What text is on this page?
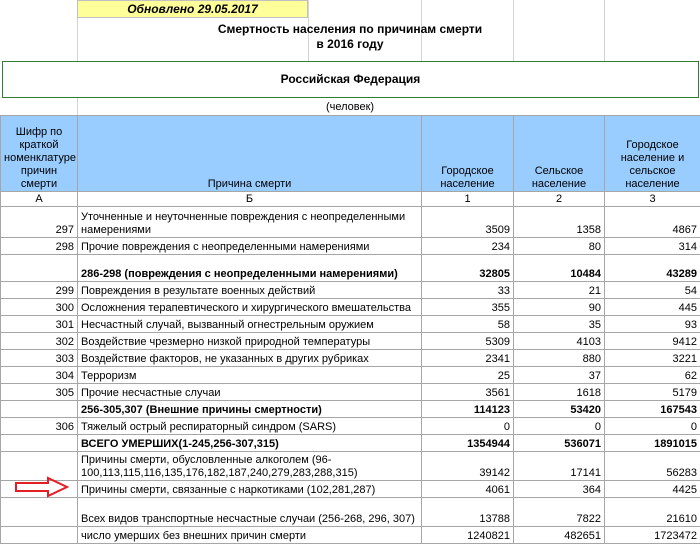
Обновлено 29.05.2017
Смертность населения по причинам смерти
в 2016 году
Российская Федерация
(человек)
Шифр по краткой номенклатуре причин смерти	Причина смерти	Городское население	Сельское население	Городское население и сельское население
А	Б	1	2	3
297	Уточненные и неуточненные повреждения с неопределенными намерениями	3509	1358	4867
298	Прочие повреждения с неопределенными намерениями	234	80	314
	286-298 (повреждения с неопределенными намерениями)	32805	10484	43289
299	Повреждения в результате военных действий	33	21	54
300	Осложнения терапевтического и хирургического вмешательства	355	90	445
301	Несчастный случай, вызванный огнестрельным оружием	58	35	93
302	Воздействие чрезмерно низкой природной температуры	5309	4103	9412
303	Воздействие факторов, не указанных в других рубриках	2341	880	3221
304	Терроризм	25	37	62
305	Прочие несчастные случаи	3561	1618	5179
	256-305,307 (Внешние причины смертности)	114123	53420	167543
306	Тяжелый острый респираторный синдром (SARS)	0	0	0
	ВСЕГО УМЕРШИХ(1-245,256-307,315)	1354944	536071	1891015
	Причины смерти, обусловленные алкоголем (96-100,113,115,116,135,176,182,187,240,279,283,288,315)	39142	17141	56283
	Причины смерти, связанные с наркотиками (102,281,287)	4061	364	4425
	Всех видов транспортные несчастные случаи (256-268, 296, 307)	13788	7822	21610
	число умерших без внешних причин смерти	1240821	482651	1723472
